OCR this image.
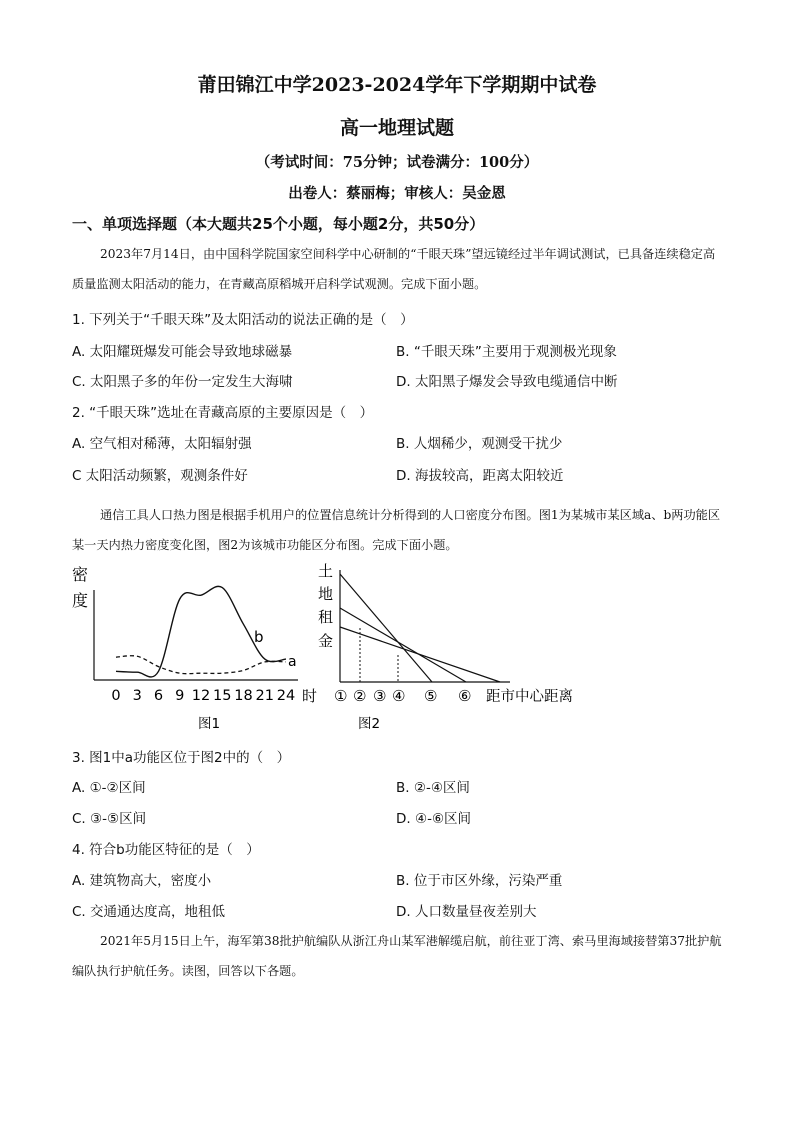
莆田锦江中学2023-2024学年下学期期中试卷
高一地理试题
（考试时间：75分钟；试卷满分：100分）
出卷人：蔡丽梅；审核人：吴金恩
一、单项选择题（本大题共25个小题，每小题2分，共50分）
2023年7月14日，由中国科学院国家空间科学中心研制的“千眼天珠”望远镜经过半年调试测试，已具备连续稳定高质量监测太阳活动的能力，在青藏高原稻城开启科学试观测。完成下面小题。
1. 下列关于“千眼天珠”及太阳活动的说法正确的是（　）
A. 太阳耀斑爆发可能会导致地球磁暴	B. “千眼天珠”主要用于观测极光现象
C. 太阳黑子多的年份一定发生大海啸	D. 太阳黑子爆发会导致电缆通信中断
2. “千眼天珠”选址在青藏高原的主要原因是（　）
A. 空气相对稀薄，太阳辐射强	B. 人烟稀少，观测受干扰少
C 太阳活动频繁，观测条件好	D. 海拔较高，距离太阳较近
通信工具人口热力图是根据手机用户的位置信息统计分析得到的人口密度分布图。图1为某城市某区域a、b两功能区某一天内热力密度变化图，图2为该城市功能区分布图。完成下面小题。
密
度
b
a
0 3 6 9 12 15 18 21 24 时
图1
土
地
租
金
① ② ③ ④ ⑤ ⑥ 距市中心距离
图2
3. 图1中a功能区位于图2中的（　）
A. ①-②区间	B. ②-④区间
C. ③-⑤区间	D. ④-⑥区间
4. 符合b功能区特征的是（　）
A. 建筑物高大，密度小	B. 位于市区外缘，污染严重
C. 交通通达度高，地租低	D. 人口数量昼夜差别大
2021年5月15日上午，海军第38批护航编队从浙江舟山某军港解缆启航，前往亚丁湾、索马里海域接替第37批护航编队执行护航任务。读图，回答以下各题。
